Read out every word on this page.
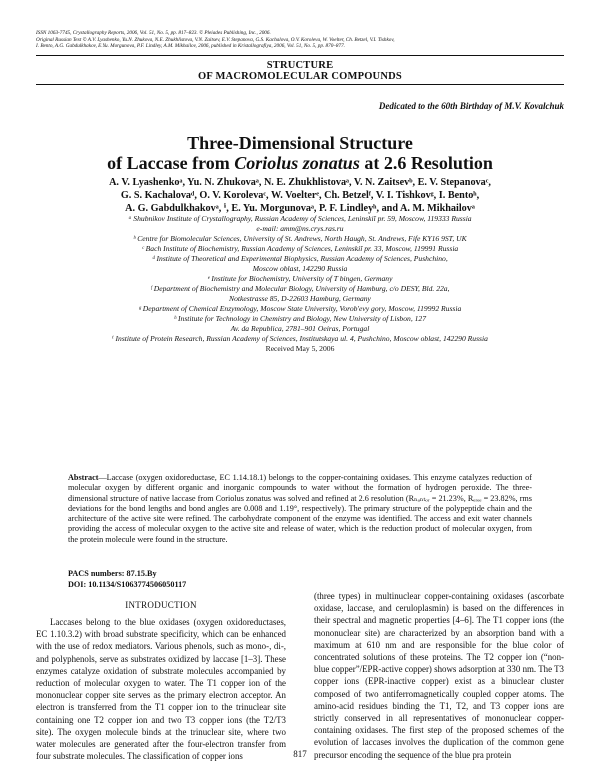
ISSN 1063-7745, Crystallography Reports, 2006, Vol. 51, No. 5, pp. 817–823. © Pleiades Publishing, Inc., 2006.
Original Russian Text © A.V. Lyashenko, Yu.N. Zhukova, N.E. Zhukhlistova, V.N. Zaitsev, E.V. Stepanova, G.S. Kachalova, O.V. Koroleva, W. Voelter, Ch. Betzel, V.I. Tishkov,
I. Bento, A.G. Gabdulkhakov, E.Yu. Morgunova, P.F. Lindley, A.M. Mikhailov, 2006, published in Kristallografiya, 2006, Vol. 51, No. 5, pp. 870–877.
STRUCTURE
OF MACROMOLECULAR COMPOUNDS
Dedicated to the 60th Birthday of M.V. Kovalchuk
Three-Dimensional Structure
of Laccase from Coriolus zonatus at 2.6 Resolution
A. V. Lyashenkoᵃ, Yu. N. Zhukovaᵃ, N. E. Zhukhlistovaᵃ, V. N. Zaitsevᵇ, E. V. Stepanovaᶜ,
G. S. Kachalovaᵈ, O. V. Korolevaᶜ, W. Voelterᵉ, Ch. Betzelᶠ, V. I. Tishkovᵍ, I. Bentoʰ,
A. G. Gabdulkhakovᵃ, ⁱ, E. Yu. Morgunovaᵃ, P. F. Lindleyʰ, and A. M. Mikhailovᵃ
ᵃ Shubnikov Institute of Crystallography, Russian Academy of Sciences, Leninskiĭ pr. 59, Moscow, 119333 Russia
e-mail: amm@ns.crys.ras.ru
ᵇ Centre for Biomolecular Sciences, University of St. Andrews, North Haugh, St. Andrews, Fife KY16 9ST, UK
ᶜ Bach Institute of Biochemistry, Russian Academy of Sciences, Leninskiĭ pr. 33, Moscow, 119991 Russia
ᵈ Institute of Theoretical and Experimental Biophysics, Russian Academy of Sciences, Pushchino,
Moscow oblast, 142290 Russia
ᵉ Institute for Biochemistry, University of T bingen, Germany
ᶠ Department of Biochemistry and Molecular Biology, University of Hamburg, c/o DESY, Bld. 22a,
Notkestrasse 85, D-22603 Hamburg, Germany
ᵍ Department of Chemical Enzymology, Moscow State University, Vorob'evy gory, Moscow, 119992 Russia
ʰ Institute for Technology in Chemistry and Biology, New University of Lisbon, 127
Av. da Republica, 2781–901 Oeiras, Portugal
ⁱ Institute of Protein Research, Russian Academy of Sciences, Institutskaya ul. 4, Pushchino, Moscow oblast, 142290 Russia
Received May 5, 2006
Abstract—Laccase (oxygen oxidoreductase, EC 1.14.18.1) belongs to the copper-containing oxidases. This enzyme catalyzes reduction of molecular oxygen by different organic and inorganic compounds to water without the formation of hydrogen peroxide. The three-dimensional structure of native laccase from Coriolus zonatus was solved and refined at 2.6 resolution (Rₙₐₙₜₒᵣ = 21.23%, Rₑᵣₑₑ = 23.82%, rms deviations for the bond lengths and bond angles are 0.008 and 1.19°, respectively). The primary structure of the polypeptide chain and the architecture of the active site were refined. The carbohydrate component of the enzyme was identified. The access and exit water channels providing the access of molecular oxygen to the active site and release of water, which is the reduction product of molecular oxygen, from the protein molecule were found in the structure.
PACS numbers: 87.15.By
DOI: 10.1134/S1063774506050117
INTRODUCTION
Laccases belong to the blue oxidases (oxygen oxidoreductases, EC 1.10.3.2) with broad substrate specificity, which can be enhanced with the use of redox mediators. Various phenols, such as mono-, di-, and polyphenols, serve as substrates oxidized by laccase [1–3]. These enzymes catalyze oxidation of substrate molecules accompanied by reduction of molecular oxygen to water. The T1 copper ion of the mononuclear copper site serves as the primary electron acceptor. An electron is transferred from the T1 copper ion to the trinuclear site containing one T2 copper ion and two T3 copper ions (the T2/T3 site). The oxygen molecule binds at the trinuclear site, where two water molecules are generated after the four-electron transfer from four substrate molecules. The classification of copper ions
(three types) in multinuclear copper-containing oxidases (ascorbate oxidase, laccase, and ceruloplasmin) is based on the differences in their spectral and magnetic properties [4–6]. The T1 copper ions (the mononuclear site) are characterized by an absorption band with a maximum at 610 nm and are responsible for the blue color of concentrated solutions of these proteins. The T2 copper ion (“non-blue copper”/EPR-active copper) shows adsorption at 330 nm. The T3 copper ions (EPR-inactive copper) exist as a binuclear cluster composed of two antiferromagnetically coupled copper atoms. The amino-acid residues binding the T1, T2, and T3 copper ions are strictly conserved in all representatives of mononuclear copper-containing oxidases. The first step of the proposed schemes of the evolution of laccases involves the duplication of the common gene precursor encoding the sequence of the blue pra protein
817
